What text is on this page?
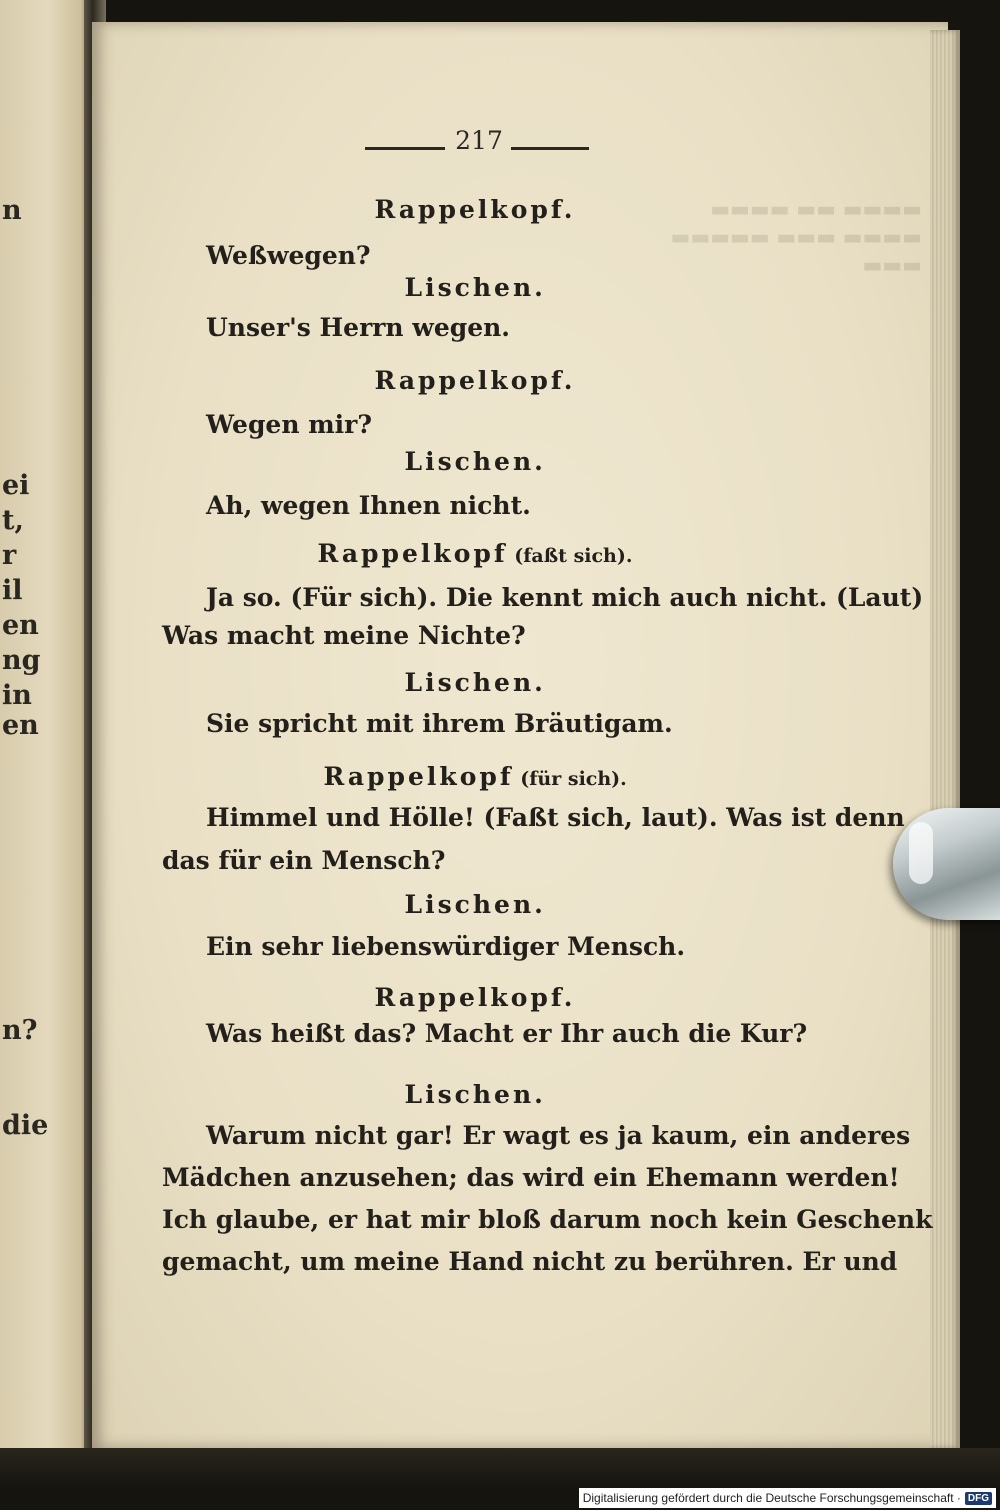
▬▬▬▬ ▬▬ ▬▬▬▬
▬▬▬▬ ▬▬▬ ▬▬▬▬▬
▬▬▬
n
ei
t,
r
il
en
ng
in
en
n?
die
217
Rappelkopf.
Weßwegen?
Lischen.
Unser's Herrn wegen.
Rappelkopf.
Wegen mir?
Lischen.
Ah, wegen Ihnen nicht.
Rappelkopf (faßt sich).
Ja so. (Für sich). Die kennt mich auch nicht. (Laut)
Was macht meine Nichte?
Lischen.
Sie spricht mit ihrem Bräutigam.
Rappelkopf (für sich).
Himmel und Hölle! (Faßt sich, laut). Was ist denn
das für ein Mensch?
Lischen.
Ein sehr liebenswürdiger Mensch.
Rappelkopf.
Was heißt das? Macht er Ihr auch die Kur?
Lischen.
Warum nicht gar! Er wagt es ja kaum, ein anderes
Mädchen anzusehen; das wird ein Ehemann werden!
Ich glaube, er hat mir bloß darum noch kein Geschenk
gemacht, um meine Hand nicht zu berühren. Er und
Digitalisierung gefördert durch die Deutsche Forschungsgemeinschaft · DFG
